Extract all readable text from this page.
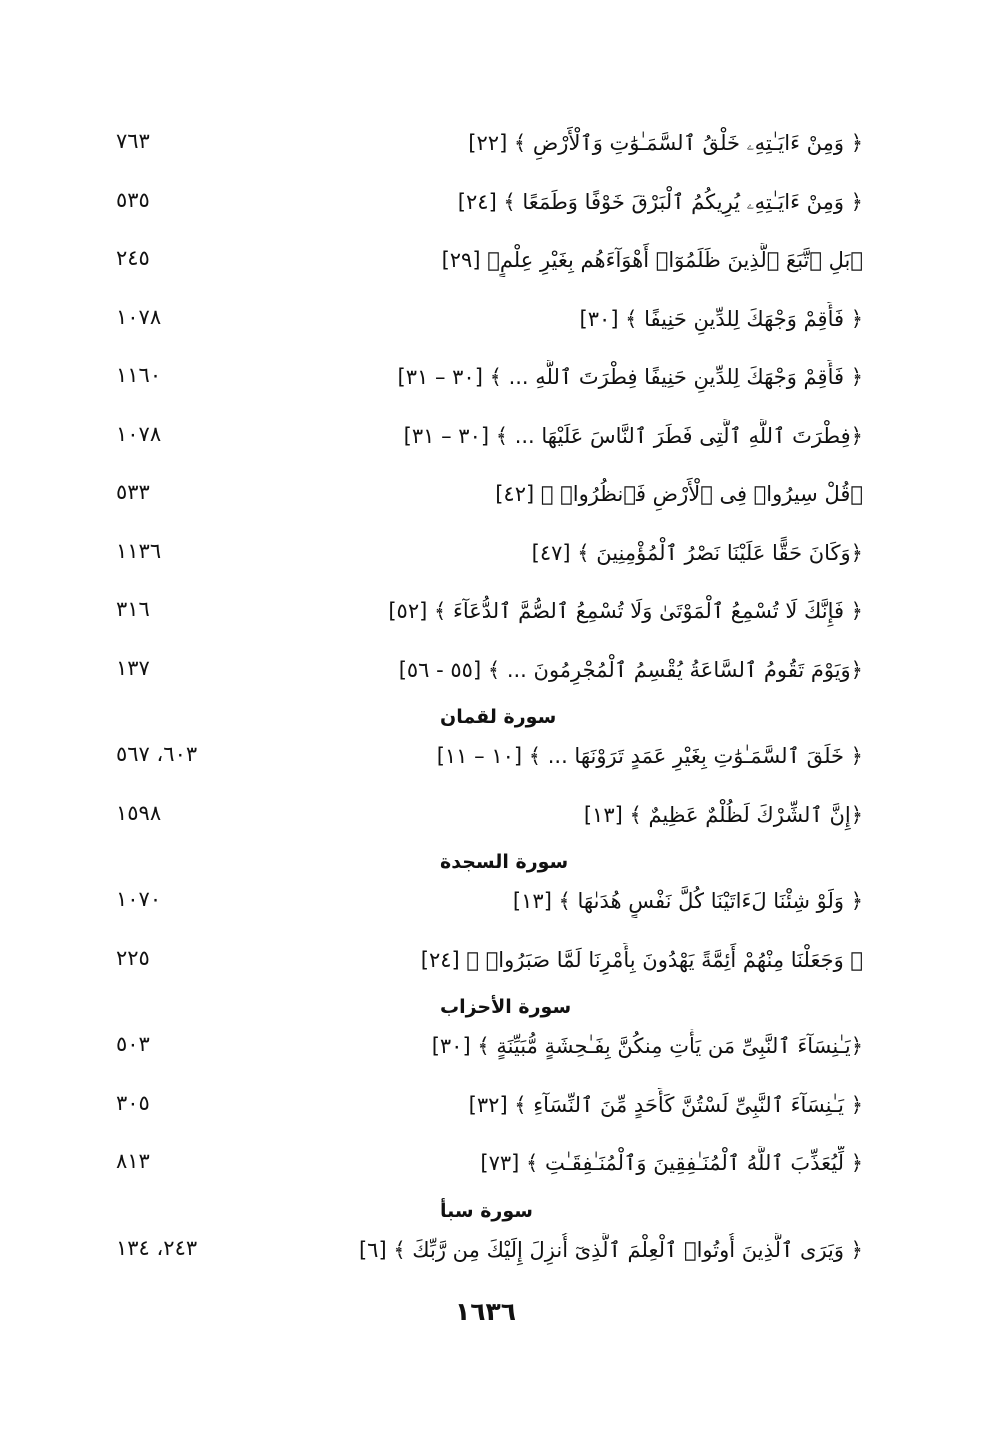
﴿ وَمِنْ ءَايَـٰتِهِۦ خَلْقُ ٱلسَّمَـٰوَٰتِ وَٱلْأَرْضِ ﴾ [٢٢]
٧٦٣
﴿ وَمِنْ ءَايَـٰتِهِۦ يُرِيكُمُ ٱلْبَرْقَ خَوْفًا وَطَمَعًا ﴾ [٢٤]
٥٣٥
﴿بَلِ ٱتَّبَعَ ٱلَّذِينَ ظَلَمُوٓا۟ أَهْوَآءَهُم بِغَيْرِ عِلْمٍ﴾ [٢٩]
٢٤٥
﴿ فَأَقِمْ وَجْهَكَ لِلدِّينِ حَنِيفًا ﴾ [٣٠]
١٠٧٨
﴿ فَأَقِمْ وَجْهَكَ لِلدِّينِ حَنِيفًا فِطْرَتَ ٱللَّهِ ... ﴾ [٣٠ – ٣١]
١١٦٠
﴿فِطْرَتَ ٱللَّهِ ٱلَّتِى فَطَرَ ٱلنَّاسَ عَلَيْهَا ... ﴾ [٣٠ – ٣١]
١٠٧٨
﴿قُلْ سِيرُوا۟ فِى ٱلْأَرْضِ فَٱنظُرُوا۟ ﴾ [٤٢]
٥٣٣
﴿وَكَانَ حَقًّا عَلَيْنَا نَصْرُ ٱلْمُؤْمِنِينَ ﴾ [٤٧]
١١٣٦
﴿ فَإِنَّكَ لَا تُسْمِعُ ٱلْمَوْتَىٰ وَلَا تُسْمِعُ ٱلصُّمَّ ٱلدُّعَآءَ ﴾ [٥٢]
٣١٦
﴿وَيَوْمَ تَقُومُ ٱلسَّاعَةُ يُقْسِمُ ٱلْمُجْرِمُونَ ... ﴾ [٥٥ - ٥٦]
١٣٧
سورة لقمان
﴿ خَلَقَ ٱلسَّمَـٰوَٰتِ بِغَيْرِ عَمَدٍ تَرَوْنَهَا ... ﴾ [١٠ – ١١]
٦٠٣، ٥٦٧
﴿إِنَّ ٱلشِّرْكَ لَظُلْمٌ عَظِيمٌ ﴾ [١٣]
١٥٩٨
سورة السجدة
﴿ وَلَوْ شِئْنَا لَءَاتَيْنَا كُلَّ نَفْسٍ هُدَىٰهَا ﴾ [١٣]
١٠٧٠
﴿ وَجَعَلْنَا مِنْهُمْ أَئِمَّةً يَهْدُونَ بِأَمْرِنَا لَمَّا صَبَرُوا۟ ﴾ [٢٤]
٢٢٥
سورة الأحزاب
﴿يَـٰنِسَآءَ ٱلنَّبِىِّ مَن يَأْتِ مِنكُنَّ بِفَـٰحِشَةٍ مُّبَيِّنَةٍ ﴾ [٣٠]
٥٠٣
﴿ يَـٰنِسَآءَ ٱلنَّبِىِّ لَسْتُنَّ كَأَحَدٍ مِّنَ ٱلنِّسَآءِ ﴾ [٣٢]
٣٠٥
﴿ لِّيُعَذِّبَ ٱللَّهُ ٱلْمُنَـٰفِقِينَ وَٱلْمُنَـٰفِقَـٰتِ ﴾ [٧٣]
٨١٣
سورة سبأ
﴿ وَيَرَى ٱلَّذِينَ أُوتُوا۟ ٱلْعِلْمَ ٱلَّذِىٓ أُنزِلَ إِلَيْكَ مِن رَّبِّكَ ﴾ [٦]
٢٤٣، ١٣٤
١٦٣٦
